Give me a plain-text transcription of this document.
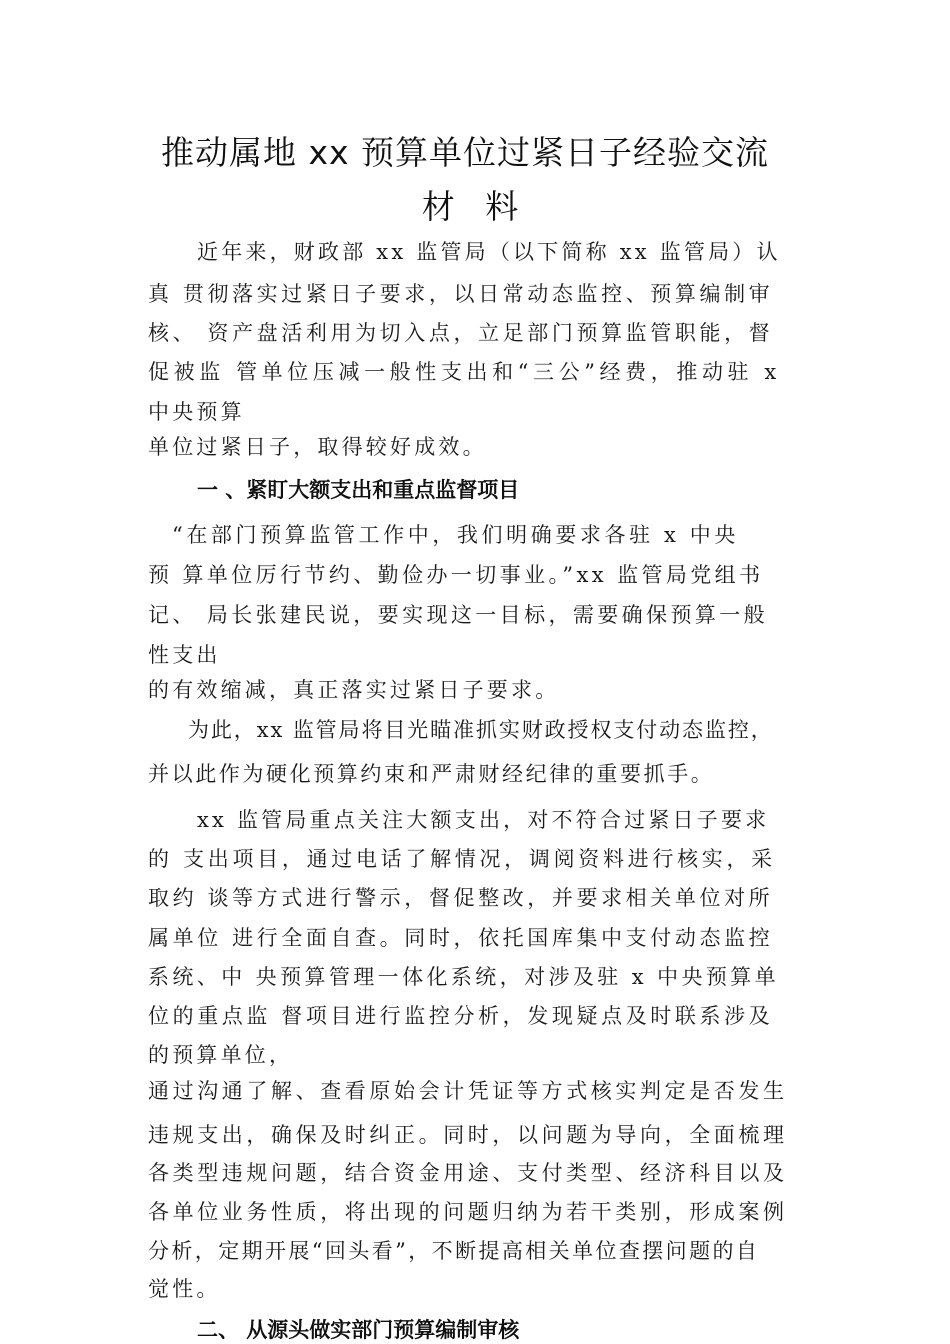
推动属地 xx 预算单位过紧日子经验交流
材 料
近年来，财政部 xx 监管局（以下简称 xx 监管局）认
真 贯彻落实过紧日子要求，以日常动态监控、预算编制审
核、 资产盘活利用为切入点，立足部门预算监管职能，督
促被监 管单位压减一般性支出和“三公”经费，推动驻 x
中央预算
单位过紧日子，取得较好成效。
一 、紧盯大额支出和重点监督项目
“在部门预算监管工作中，我们明确要求各驻 x 中央
预 算单位厉行节约、勤俭办一切事业。”xx 监管局党组书
记、 局长张建民说，要实现这一目标，需要确保预算一般
性支出
的有效缩减，真正落实过紧日子要求。
为此，xx 监管局将目光瞄准抓实财政授权支付动态监控，
并以此作为硬化预算约束和严肃财经纪律的重要抓手。
xx 监管局重点关注大额支出，对不符合过紧日子要求
的 支出项目，通过电话了解情况，调阅资料进行核实，采
取约 谈等方式进行警示，督促整改，并要求相关单位对所
属单位 进行全面自查。同时，依托国库集中支付动态监控
系统、中 央预算管理一体化系统，对涉及驻 x 中央预算单
位的重点监 督项目进行监控分析，发现疑点及时联系涉及
的预算单位，
通过沟通了解、查看原始会计凭证等方式核实判定是否发生
违规支出，确保及时纠正。同时，以问题为导向，全面梳理
各类型违规问题，结合资金用途、支付类型、经济科目以及
各单位业务性质，将出现的问题归纳为若干类别，形成案例
分析，定期开展“回头看”，不断提高相关单位查摆问题的自
觉性。
二、 从源头做实部门预算编制审核
